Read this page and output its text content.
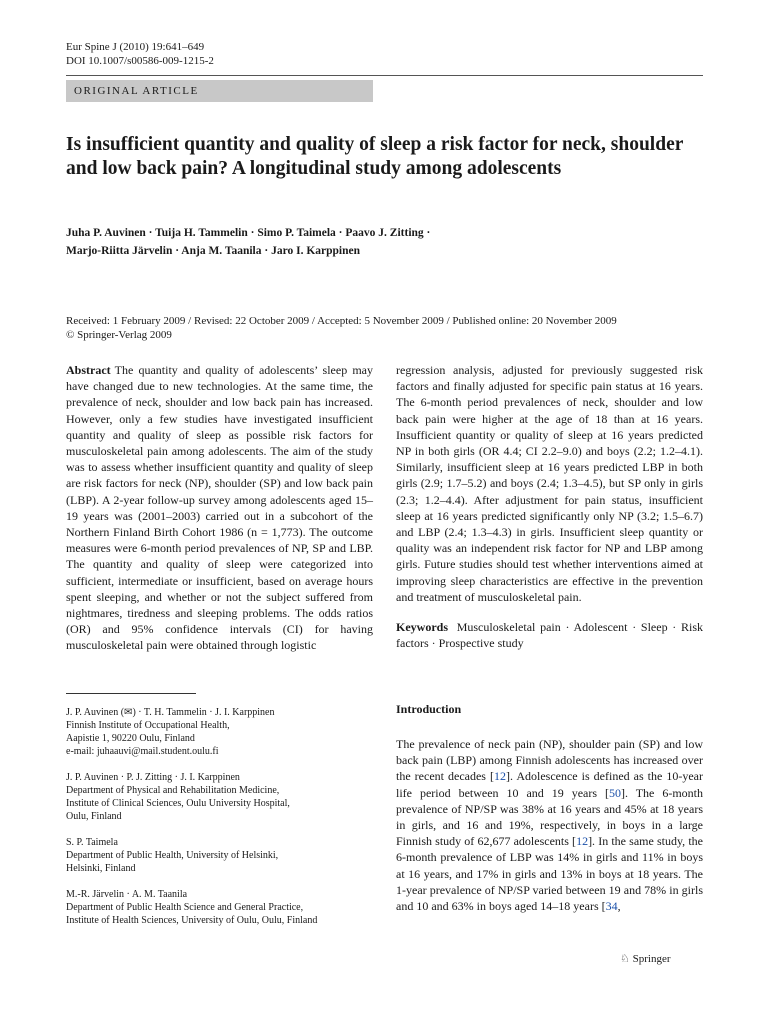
Eur Spine J (2010) 19:641–649
DOI 10.1007/s00586-009-1215-2
ORIGINAL ARTICLE
Is insufficient quantity and quality of sleep a risk factor for neck, shoulder and low back pain? A longitudinal study among adolescents
Juha P. Auvinen · Tuija H. Tammelin · Simo P. Taimela · Paavo J. Zitting ·
Marjo-Riitta Järvelin · Anja M. Taanila · Jaro I. Karppinen
Received: 1 February 2009 / Revised: 22 October 2009 / Accepted: 5 November 2009 / Published online: 20 November 2009
© Springer-Verlag 2009

Abstract The quantity and quality of adolescents’ sleep may have changed due to new technologies. At the same time, the prevalence of neck, shoulder and low back pain has increased. However, only a few studies have investigated insufficient quantity and quality of sleep as possible risk factors for musculoskeletal pain among adolescents. The aim of the study was to assess whether insufficient quantity and quality of sleep are risk factors for neck (NP), shoulder (SP) and low back pain (LBP). A 2-year follow-up survey among adolescents aged 15–19 years was (2001–2003) carried out in a subcohort of the Northern Finland Birth Cohort 1986 (n = 1,773). The outcome measures were 6-month period prevalences of NP, SP and LBP. The quantity and quality of sleep were categorized into sufficient, intermediate or insufficient, based on average hours spent sleeping, and whether or not the subject suffered from nightmares, tiredness and sleeping problems. The odds ratios (OR) and 95% confidence intervals (CI) for having musculoskeletal pain were obtained through logistic

regression analysis, adjusted for previously suggested risk factors and finally adjusted for specific pain status at 16 years. The 6-month period prevalences of neck, shoulder and low back pain were higher at the age of 18 than at 16 years. Insufficient quantity or quality of sleep at 16 years predicted NP in both girls (OR 4.4; CI 2.2–9.0) and boys (2.2; 1.2–4.1). Similarly, insufficient sleep at 16 years predicted LBP in both girls (2.9; 1.7–5.2) and boys (2.4; 1.3–4.5), but SP only in girls (2.3; 1.2–4.4). After adjustment for pain status, insufficient sleep at 16 years predicted significantly only NP (3.2; 1.5–6.7) and LBP (2.4; 1.3–4.3) in girls. Insufficient sleep quantity or quality was an independent risk factor for NP and LBP among girls. Future studies should test whether interventions aimed at improving sleep characteristics are effective in the prevention and treatment of musculoskeletal pain.

Keywords Musculoskeletal pain · Adolescent · Sleep · Risk factors · Prospective study

J. P. Auvinen (✉) · T. H. Tammelin · J. I. Karppinen
Finnish Institute of Occupational Health,
Aapistie 1, 90220 Oulu, Finland
e-mail: juhaauvi@mail.student.oulu.fi
J. P. Auvinen · P. J. Zitting · J. I. Karppinen
Department of Physical and Rehabilitation Medicine,
Institute of Clinical Sciences, Oulu University Hospital,
Oulu, Finland
S. P. Taimela
Department of Public Health, University of Helsinki,
Helsinki, Finland
M.-R. Järvelin · A. M. Taanila
Department of Public Health Science and General Practice,
Institute of Health Sciences, University of Oulu, Oulu, Finland
Introduction
The prevalence of neck pain (NP), shoulder pain (SP) and low back pain (LBP) among Finnish adolescents has increased over the recent decades [12]. Adolescence is defined as the 10-year life period between 10 and 19 years [50]. The 6-month prevalence of NP/SP was 38% at 16 years and 45% at 18 years in girls, and 16 and 19%, respectively, in boys in a large Finnish study of 62,677 adolescents [12]. In the same study, the 6-month prevalence of LBP was 14% in girls and 11% in boys at 16 years, and 17% in girls and 13% in boys at 18 years. The 1-year prevalence of NP/SP varied between 19 and 78% in girls and 10 and 63% in boys aged 14–18 years [34,
♘ Springer
